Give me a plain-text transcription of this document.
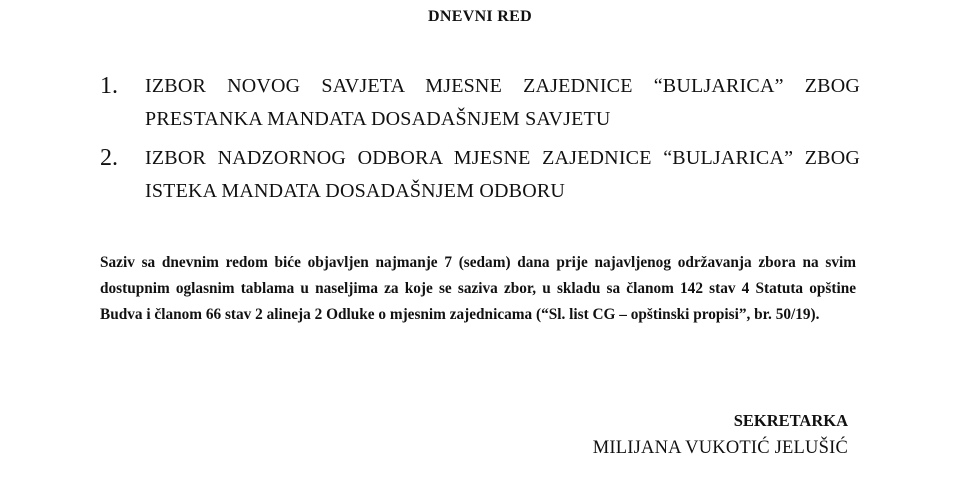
DNEVNI RED
1. IZBOR NOVOG SAVJETA MJESNE ZAJEDNICE “BULJARICA” ZBOG PRESTANKA MANDATA DOSADAŠNJEM SAVJETU
2. IZBOR NADZORNOG ODBORA MJESNE ZAJEDNICE “BULJARICA” ZBOG ISTEKA MANDATA DOSADAŠNJEM ODBORU

Saziv sa dnevnim redom biće objavljen najmanje 7 (sedam) dana prije najavljenog održavanja zbora na svim dostupnim oglasnim tablama u naseljima za koje se saziva zbor, u skladu sa članom 142 stav 4 Statuta opštine Budva i članom 66 stav 2 alineja 2 Odluke o mjesnim zajednicama (“Sl. list CG – opštinski propisi”, br. 50/19).

SEKRETARKA
MILIJANA VUKOTIĆ JELUŠIĆ
